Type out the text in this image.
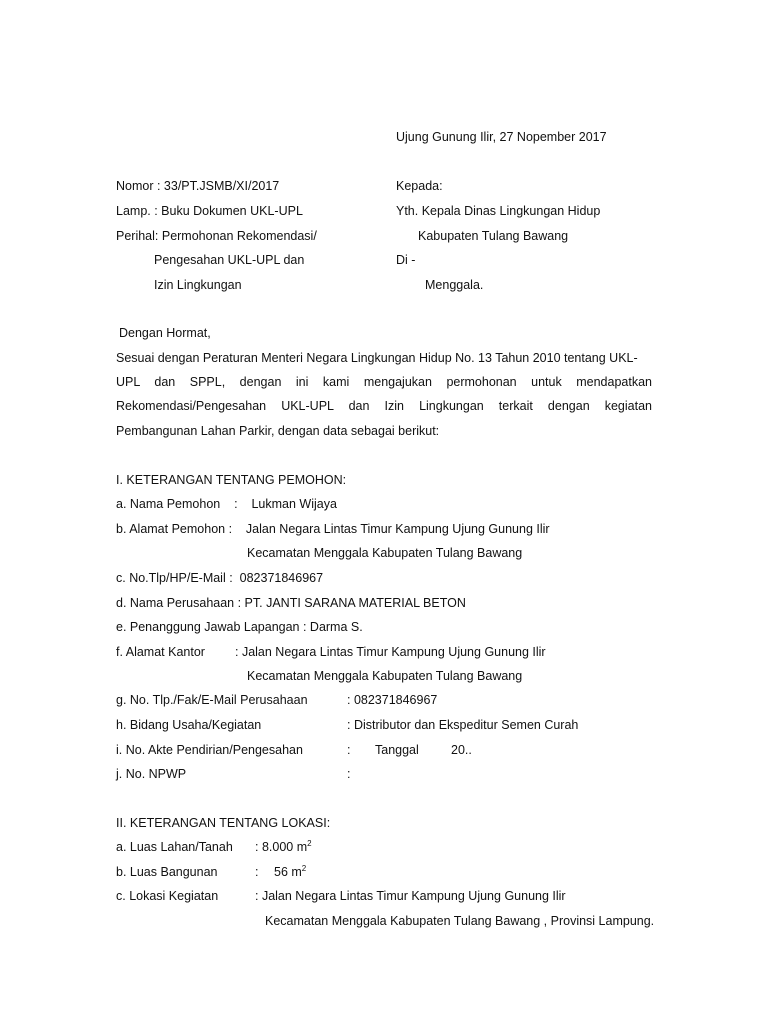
Ujung Gunung Ilir, 27 Nopember 2017
Nomor : 33/PT.JSMB/XI/2017
Lamp. : Buku Dokumen UKL-UPL
Perihal: Permohonan Rekomendasi/
Pengesahan UKL-UPL dan
Izin Lingkungan
Kepada:
Yth. Kepala Dinas Lingkungan Hidup
Kabupaten Tulang Bawang
Di -
Menggala.
Dengan Hormat,
Sesuai dengan Peraturan Menteri Negara Lingkungan Hidup No. 13 Tahun 2010 tentang UKL-
UPL dan SPPL, dengan ini kami mengajukan permohonan untuk mendapatkan
Rekomendasi/Pengesahan UKL-UPL dan Izin Lingkungan terkait dengan kegiatan
Pembangunan Lahan Parkir, dengan data sebagai berikut:
I. KETERANGAN TENTANG PEMOHON:
a. Nama Pemohon    :    Lukman Wijaya
b. Alamat Pemohon :    Jalan Negara Lintas Timur Kampung Ujung Gunung Ilir
Kecamatan Menggala Kabupaten Tulang Bawang
c. No.Tlp/HP/E-Mail :  082371846967
d. Nama Perusahaan : PT. JANTI SARANA MATERIAL BETON
e. Penanggung Jawab Lapangan : Darma S.
f. Alamat Kantor : Jalan Negara Lintas Timur Kampung Ujung Gunung Ilir
Kecamatan Menggala Kabupaten Tulang Bawang
g. No. Tlp./Fak/E-Mail Perusahaan	: 082371846967
h. Bidang Usaha/Kegiatan	: Distributor dan Ekspeditur Semen Curah
i. No. Akte Pendirian/Pengesahan	: Tanggal	20..
j. No. NPWP	:
II. KETERANGAN TENTANG LOKASI:
a. Luas Lahan/Tanah : 8.000 $m^2$
b. Luas Bangunan	: 56 $m^2$
c. Lokasi Kegiatan	: Jalan Negara Lintas Timur Kampung Ujung Gunung Ilir
Kecamatan Menggala Kabupaten Tulang Bawang , Provinsi Lampung.
